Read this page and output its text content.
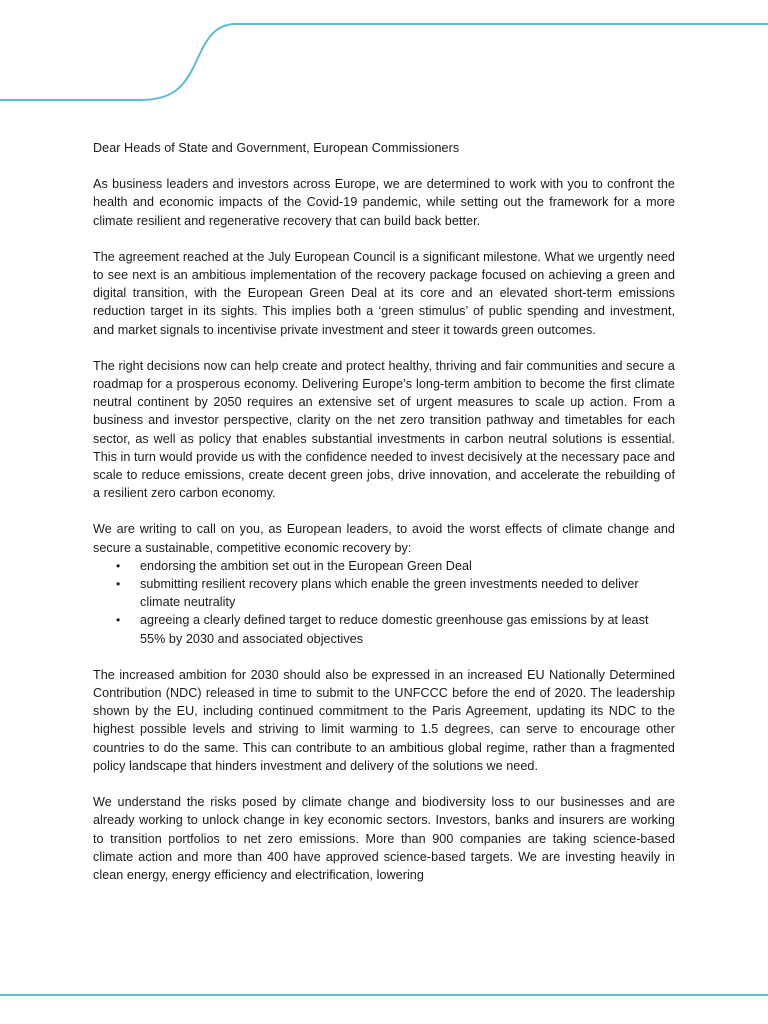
Dear Heads of State and Government, European Commissioners

As business leaders and investors across Europe, we are determined to work with you to confront the health and economic impacts of the Covid-19 pandemic, while setting out the framework for a more climate resilient and regenerative recovery that can build back better.

The agreement reached at the July European Council is a significant milestone. What we urgently need to see next is an ambitious implementation of the recovery package focused on achieving a green and digital transition, with the European Green Deal at its core and an elevated short-term emissions reduction target in its sights. This implies both a ‘green stimulus’ of public spending and investment, and market signals to incentivise private investment and steer it towards green outcomes.

The right decisions now can help create and protect healthy, thriving and fair communities and secure a roadmap for a prosperous economy. Delivering Europe’s long-term ambition to become the first climate neutral continent by 2050 requires an extensive set of urgent measures to scale up action. From a business and investor perspective, clarity on the net zero transition pathway and timetables for each sector, as well as policy that enables substantial investments in carbon neutral solutions is essential. This in turn would provide us with the confidence needed to invest decisively at the necessary pace and scale to reduce emissions, create decent green jobs, drive innovation, and accelerate the rebuilding of a resilient zero carbon economy.

We are writing to call on you, as European leaders, to avoid the worst effects of climate change and secure a sustainable, competitive economic recovery by:

• endorsing the ambition set out in the European Green Deal
• submitting resilient recovery plans which enable the green investments needed to deliver climate neutrality
• agreeing a clearly defined target to reduce domestic greenhouse gas emissions by at least 55% by 2030 and associated objectives

The increased ambition for 2030 should also be expressed in an increased EU Nationally Determined Contribution (NDC) released in time to submit to the UNFCCC before the end of 2020. The leadership shown by the EU, including continued commitment to the Paris Agreement, updating its NDC to the highest possible levels and striving to limit warming to 1.5 degrees, can serve to encourage other countries to do the same. This can contribute to an ambitious global regime, rather than a fragmented policy landscape that hinders investment and delivery of the solutions we need.

We understand the risks posed by climate change and biodiversity loss to our businesses and are already working to unlock change in key economic sectors. Investors, banks and insurers are working to transition portfolios to net zero emissions. More than 900 companies are taking science-based climate action and more than 400 have approved science-based targets. We are investing heavily in clean energy, energy efficiency and electrification, lowering
